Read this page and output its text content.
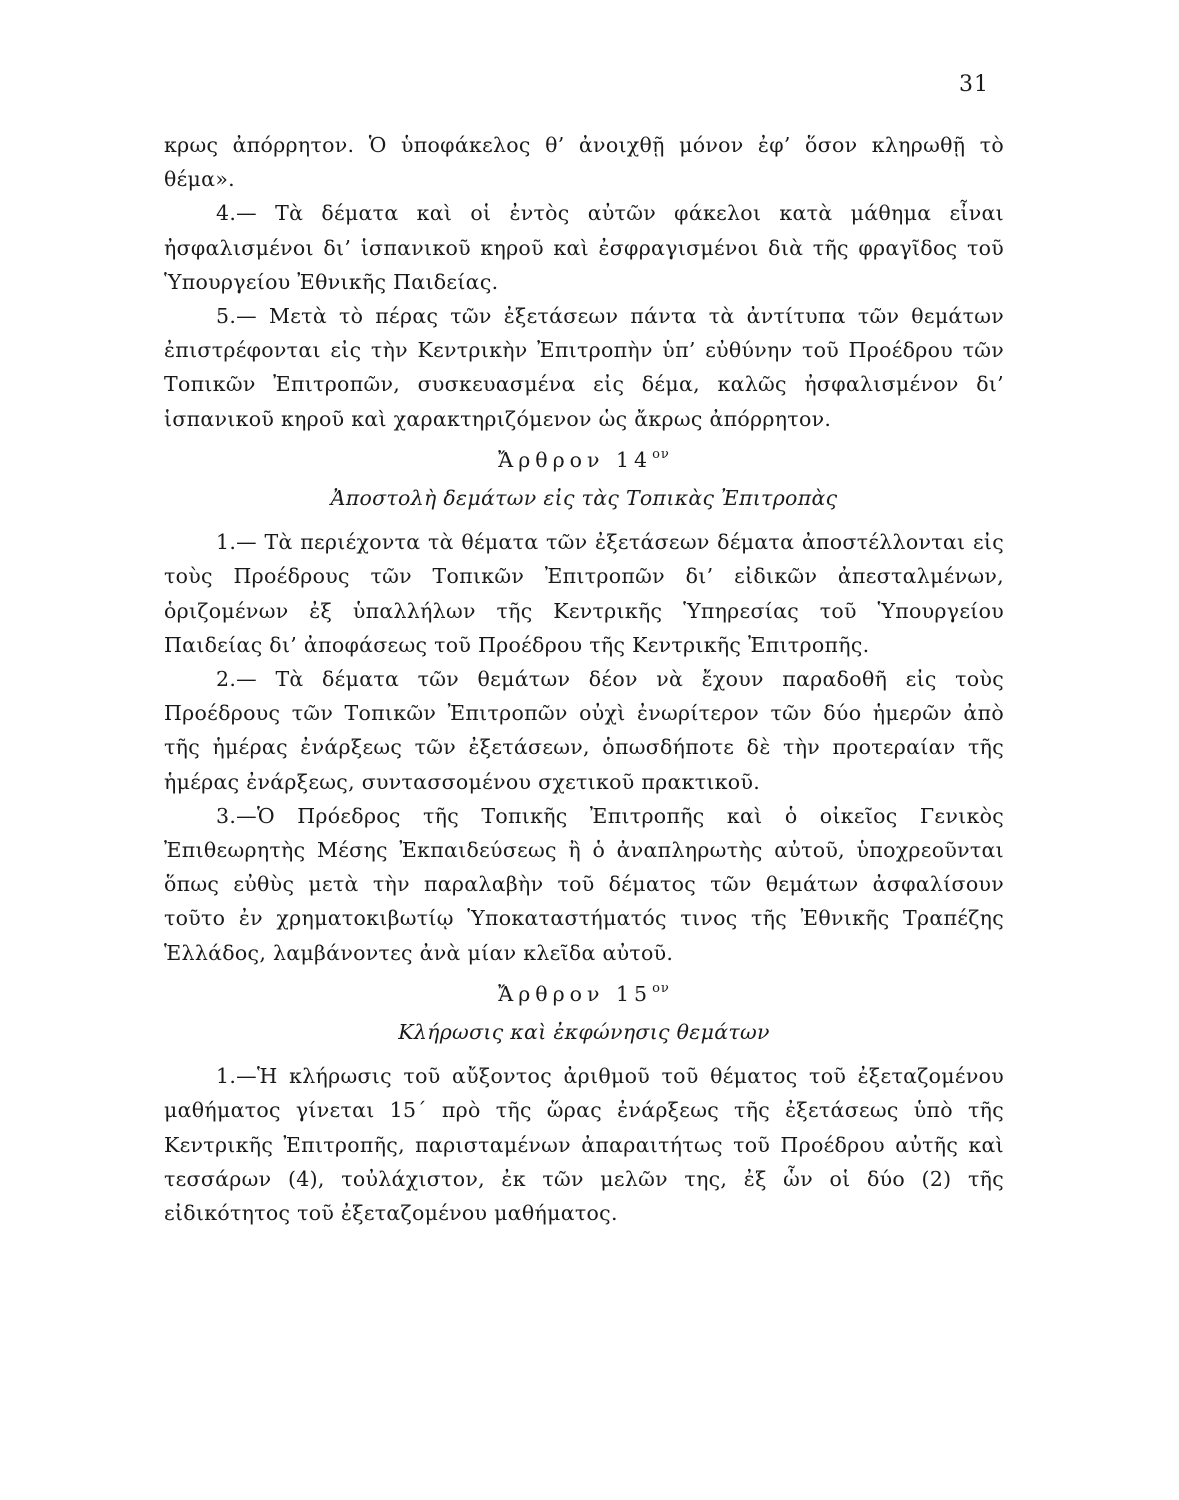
31

κρως ἀπόρρητον. Ὁ ὑποφάκελος θ’ ἀνοιχθῇ μόνον ἐφ’ ὅσον κληρωθῇ τὸ θέμα».

4.— Τὰ δέματα καὶ οἱ ἐντὸς αὐτῶν φάκελοι κατὰ μάθημα εἶναι ἠσφαλισμένοι δι’ ἱσπανικοῦ κηροῦ καὶ ἐσφραγισμένοι διὰ τῆς φραγῖδος τοῦ Ὑπουργείου Ἐθνικῆς Παιδείας.

5.— Μετὰ τὸ πέρας τῶν ἐξετάσεων πάντα τὰ ἀντίτυπα τῶν θεμάτων ἐπιστρέφονται εἰς τὴν Κεντρικὴν Ἐπιτροπὴν ὑπ’ εὐθύνην τοῦ Προέδρου τῶν Τοπικῶν Ἐπιτροπῶν, συσκευασμένα εἰς δέμα, καλῶς ἠσφαλισμένον δι’ ἱσπανικοῦ κηροῦ καὶ χαρακτηριζόμενον ὡς ἄκρως ἀπόρρητον.

Ἄρθρον $14^{o\nu}$

Ἀποστολὴ δεμάτων εἰς τὰς Τοπικὰς Ἐπιτροπὰς

1.— Τὰ περιέχοντα τὰ θέματα τῶν ἐξετάσεων δέματα ἀποστέλλονται εἰς τοὺς Προέδρους τῶν Τοπικῶν Ἐπιτροπῶν δι’ εἰδικῶν ἀπεσταλμένων, ὁριζομένων ἐξ ὑπαλλήλων τῆς Κεντρικῆς Ὑπηρεσίας τοῦ Ὑπουργείου Παιδείας δι’ ἀποφάσεως τοῦ Προέδρου τῆς Κεντρικῆς Ἐπιτροπῆς.

2.— Τὰ δέματα τῶν θεμάτων δέον νὰ ἔχουν παραδοθῆ εἰς τοὺς Προέδρους τῶν Τοπικῶν Ἐπιτροπῶν οὐχὶ ἐνωρίτερον τῶν δύο ἡμερῶν ἀπὸ τῆς ἡμέρας ἐνάρξεως τῶν ἐξετάσεων, ὁπωσδήποτε δὲ τὴν προτεραίαν τῆς ἡμέρας ἐνάρξεως, συντασσομένου σχετικοῦ πρακτικοῦ.

3.—Ὁ Πρόεδρος τῆς Τοπικῆς Ἐπιτροπῆς καὶ ὁ οἰκεῖος Γενικὸς Ἐπιθεωρητὴς Μέσης Ἐκπαιδεύσεως ἢ ὁ ἀναπληρωτὴς αὐτοῦ, ὑποχρεοῦνται ὅπως εὐθὺς μετὰ τὴν παραλαβὴν τοῦ δέματος τῶν θεμάτων ἀσφαλίσουν τοῦτο ἐν χρηματοκιβωτίῳ Ὑποκαταστήματός τινος τῆς Ἐθνικῆς Τραπέζης Ἑλλάδος, λαμβάνοντες ἀνὰ μίαν κλεῖδα αὐτοῦ.

Ἄρθρον $15^{o\nu}$

Κλήρωσις καὶ ἐκφώνησις θεμάτων

1.—Ἡ κλήρωσις τοῦ αὔξοντος ἀριθμοῦ τοῦ θέματος τοῦ ἐξεταζομένου μαθήματος γίνεται 15΄ πρὸ τῆς ὥρας ἐνάρξεως τῆς ἐξετάσεως ὑπὸ τῆς Κεντρικῆς Ἐπιτροπῆς, παρισταμένων ἀπαραιτήτως τοῦ Προέδρου αὐτῆς καὶ τεσσάρων (4), τοὐλάχιστον, ἐκ τῶν μελῶν της, ἐξ ὧν οἱ δύο (2) τῆς εἰδικότητος τοῦ ἐξεταζομένου μαθήματος.
